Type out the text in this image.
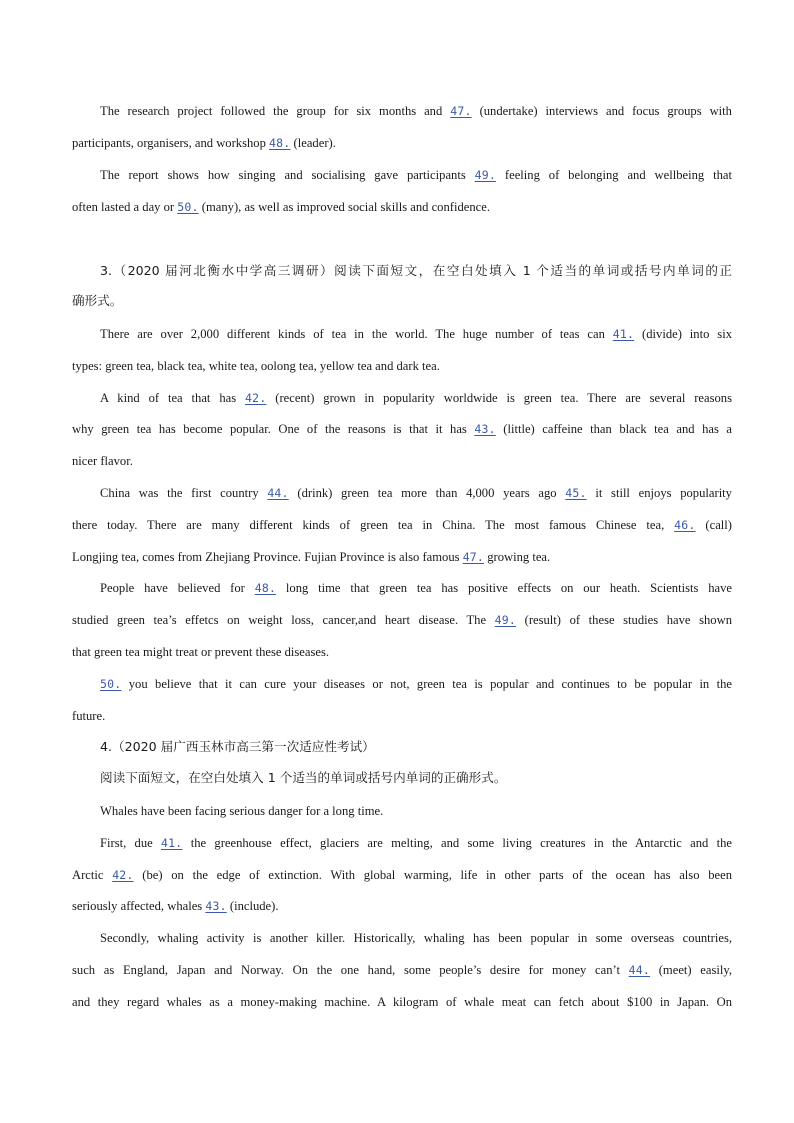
The research project followed the group for six months and 47. (undertake) interviews and focus groups with
participants, organisers, and workshop 48. (leader).
The report shows how singing and socialising gave participants 49. feeling of belonging and wellbeing that
often lasted a day or 50. (many), as well as improved social skills and confidence.
3.（2020 届河北衡水中学高三调研）阅读下面短文，在空白处填入 1 个适当的单词或括号内单词的正
确形式。
There are over 2,000 different kinds of tea in the world. The huge number of teas can 41. (divide) into six
types: green tea, black tea, white tea, oolong tea, yellow tea and dark tea.
A kind of tea that has 42. (recent) grown in popularity worldwide is green tea. There are several reasons
why green tea has become popular. One of the reasons is that it has 43. (little) caffeine than black tea and has a
nicer flavor.
China was the first country 44. (drink) green tea more than 4,000 years ago 45. it still enjoys popularity
there today. There are many different kinds of green tea in China. The most famous Chinese tea, 46. (call)
Longjing tea, comes from Zhejiang Province. Fujian Province is also famous 47. growing tea.
People have believed for 48. long time that green tea has positive effects on our heath. Scientists have
studied green tea’s effetcs on weight loss, cancer,and heart disease. The 49. (result) of these studies have shown
that green tea might treat or prevent these diseases.
50. you believe that it can cure your diseases or not, green tea is popular and continues to be popular in the
future.
4.（2020 届广西玉林市高三第一次适应性考试）
阅读下面短文，在空白处填入 1 个适当的单词或括号内单词的正确形式。
Whales have been facing serious danger for a long time.
First, due 41. the greenhouse effect, glaciers are melting, and some living creatures in the Antarctic and the
Arctic 42. (be) on the edge of extinction. With global warming, life in other parts of the ocean has also been
seriously affected, whales 43. (include).
Secondly, whaling activity is another killer. Historically, whaling has been popular in some overseas countries,
such as England, Japan and Norway. On the one hand, some people’s desire for money can’t 44. (meet) easily,
and they regard whales as a money-making machine. A kilogram of whale meat can fetch about $100 in Japan. On
